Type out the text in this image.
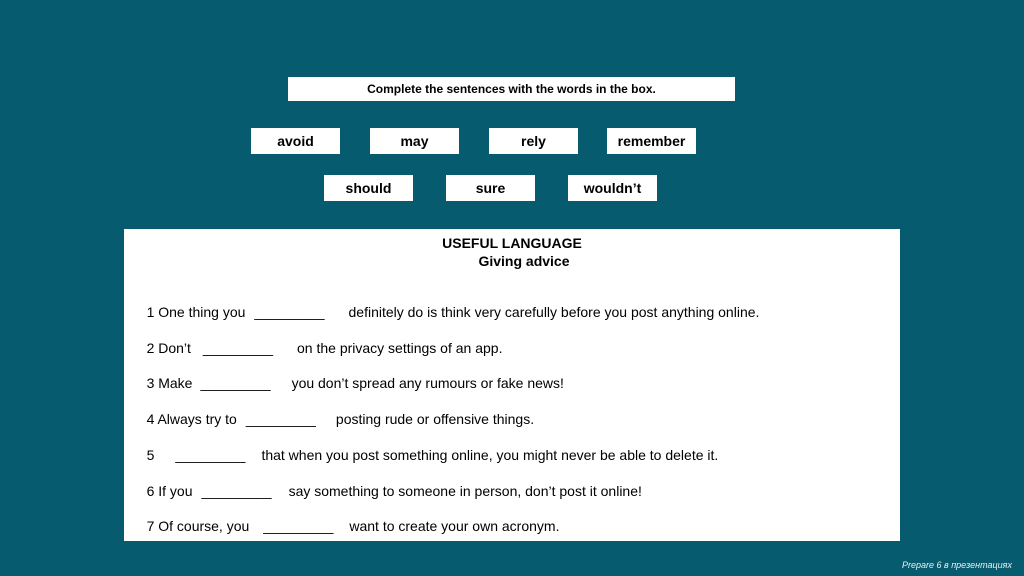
Complete the sentences with the words in the box.
avoid	may	rely	remember
should	sure	wouldn’t
USEFUL LANGUAGE
Giving advice

1 One thing you _________ definitely do is think very carefully before you post anything online.

2 Don’t _________ on the privacy settings of an app.

3 Make _________ you don’t spread any rumours or fake news!

4 Always try to _________ posting rude or offensive things.

5 _________ that when you post something online, you might never be able to delete it.

6 If you _________ say something to someone in person, don’t post it online!

7 Of course, you _________ want to create your own acronym.

Prepare 6 в презентациях
